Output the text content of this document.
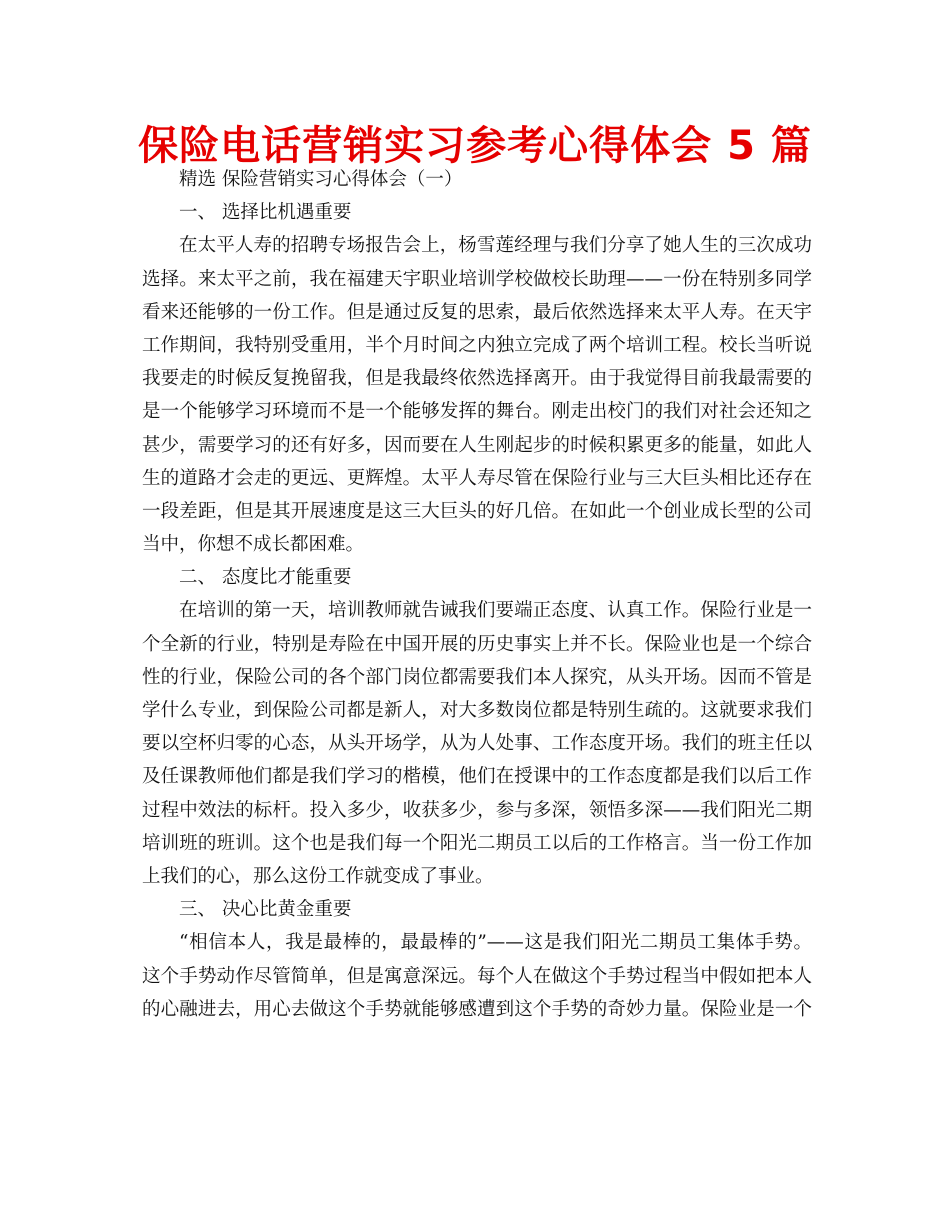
保险电话营销实习参考心得体会 5 篇
精选 保险营销实习心得体会（一）
一、 选择比机遇重要
在太平人寿的招聘专场报告会上，杨雪莲经理与我们分享了她人生的三次成功
选择。来太平之前，我在福建天宇职业培训学校做校长助理——一份在特别多同学
看来还能够的一份工作。但是通过反复的思索，最后依然选择来太平人寿。在天宇
工作期间，我特别受重用，半个月时间之内独立完成了两个培训工程。校长当听说
我要走的时候反复挽留我，但是我最终依然选择离开。由于我觉得目前我最需要的
是一个能够学习环境而不是一个能够发挥的舞台。刚走出校门的我们对社会还知之
甚少，需要学习的还有好多，因而要在人生刚起步的时候积累更多的能量，如此人
生的道路才会走的更远、更辉煌。太平人寿尽管在保险行业与三大巨头相比还存在
一段差距，但是其开展速度是这三大巨头的好几倍。在如此一个创业成长型的公司
当中，你想不成长都困难。
二、 态度比才能重要
在培训的第一天，培训教师就告诫我们要端正态度、认真工作。保险行业是一
个全新的行业，特别是寿险在中国开展的历史事实上并不长。保险业也是一个综合
性的行业，保险公司的各个部门岗位都需要我们本人探究，从头开场。因而不管是
学什么专业，到保险公司都是新人，对大多数岗位都是特别生疏的。这就要求我们
要以空杯归零的心态，从头开场学，从为人处事、工作态度开场。我们的班主任以
及任课教师他们都是我们学习的楷模，他们在授课中的工作态度都是我们以后工作
过程中效法的标杆。投入多少，收获多少，参与多深，领悟多深——我们阳光二期
培训班的班训。这个也是我们每一个阳光二期员工以后的工作格言。当一份工作加
上我们的心，那么这份工作就变成了事业。
三、 决心比黄金重要
“相信本人，我是最棒的，最最棒的”——这是我们阳光二期员工集体手势。
这个手势动作尽管简单，但是寓意深远。每个人在做这个手势过程当中假如把本人
的心融进去，用心去做这个手势就能够感遭到这个手势的奇妙力量。保险业是一个
